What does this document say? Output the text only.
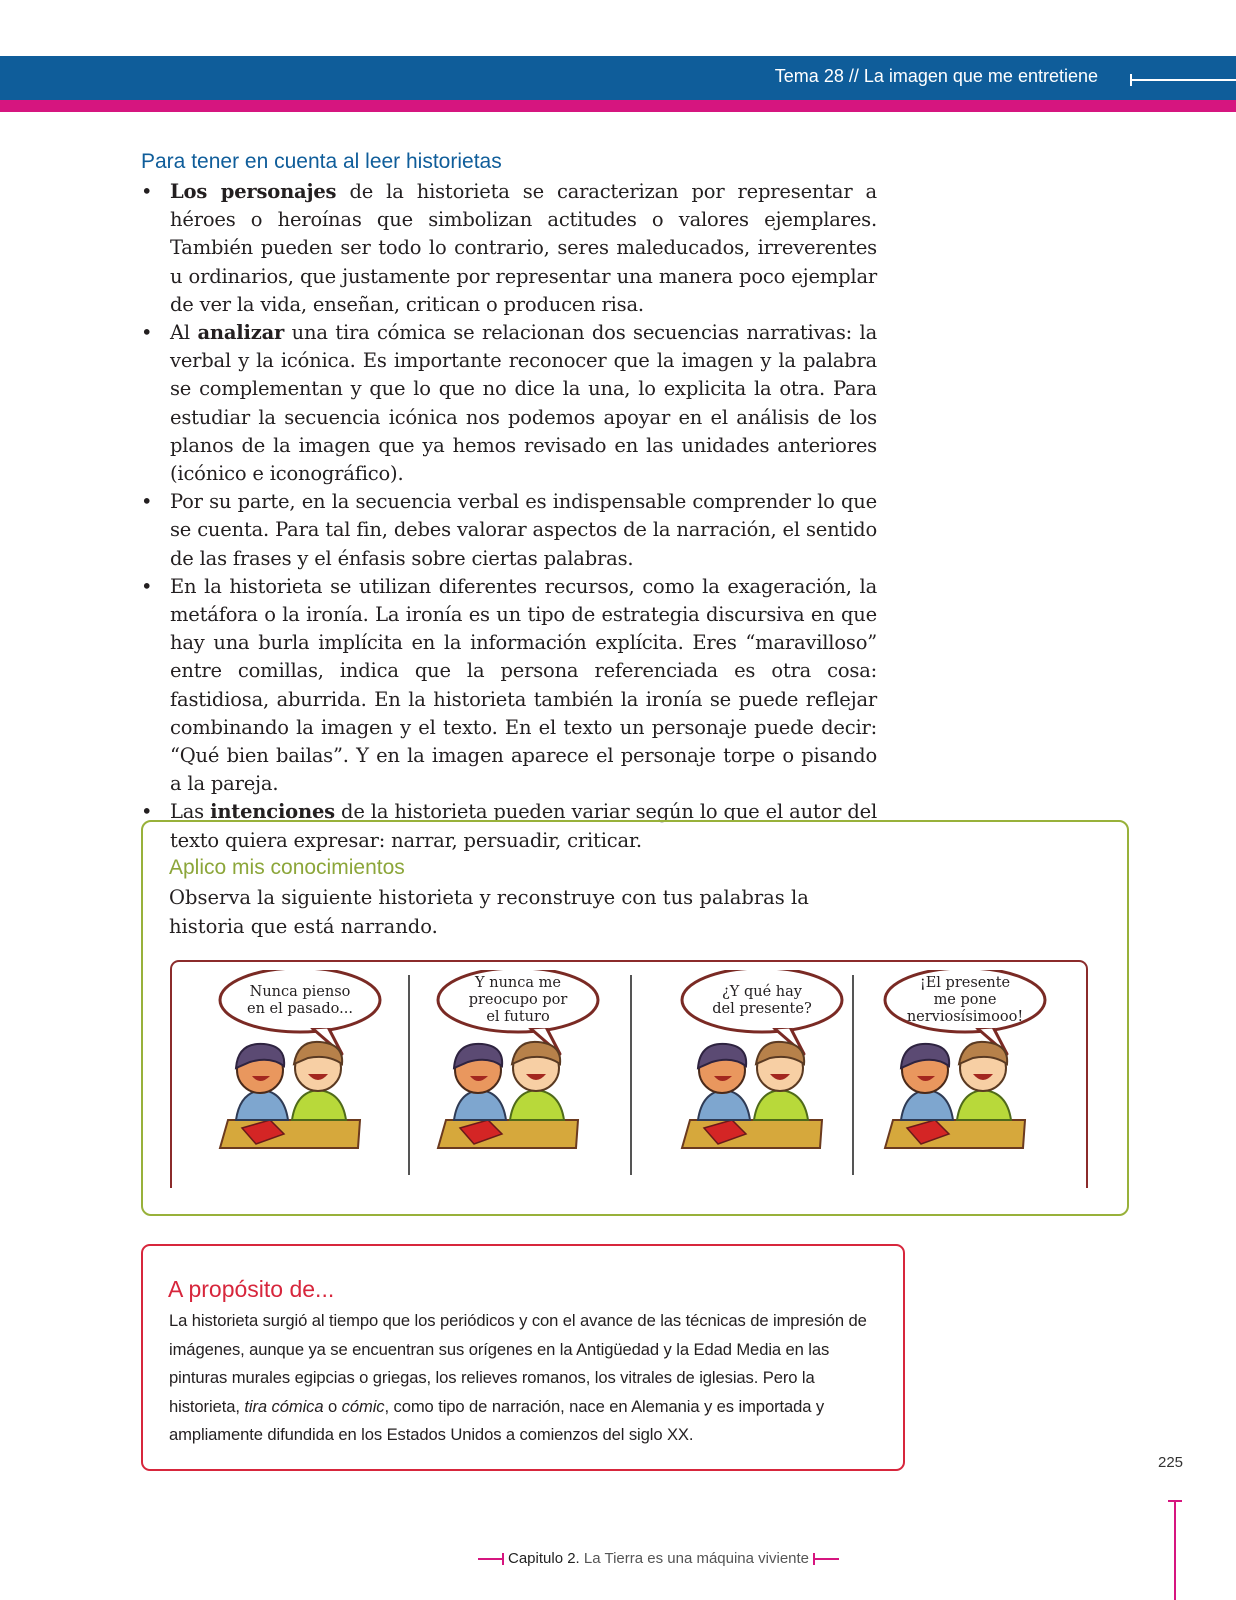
Tema 28 // La imagen que me entretiene
Para tener en cuenta al leer historietas
• Los personajes de la historieta se caracterizan por representar a héroes o heroínas que simbolizan actitudes o valores ejemplares. También pueden ser todo lo contrario, seres maleducados, irreverentes u ordinarios, que justamente por representar una manera poco ejemplar de ver la vida, enseñan, critican o producen risa.
• Al analizar una tira cómica se relacionan dos secuencias narrativas: la verbal y la icónica. Es importante reconocer que la imagen y la palabra se complementan y que lo que no dice la una, lo explicita la otra. Para estudiar la secuencia icónica nos podemos apoyar en el análisis de los planos de la imagen que ya hemos revisado en las unidades anteriores (icónico e iconográfico).
• Por su parte, en la secuencia verbal es indispensable comprender lo que se cuenta. Para tal fin, debes valorar aspectos de la narración, el sentido de las frases y el énfasis sobre ciertas palabras.
• En la historieta se utilizan diferentes recursos, como la exageración, la metáfora o la ironía. La ironía es un tipo de estrategia discursiva en que hay una burla implícita en la información explícita. Eres “maravilloso” entre comillas, indica que la persona referenciada es otra cosa: fastidiosa, aburrida. En la historieta también la ironía se puede reflejar combinando la imagen y el texto. En el texto un personaje puede decir: “Qué bien bailas”. Y en la imagen aparece el personaje torpe o pisando a la pareja.
• Las intenciones de la historieta pueden variar según lo que el autor del texto quiera expresar: narrar, persuadir, criticar.
Aplico mis conocimientos

Observa la siguiente historieta y reconstruye con tus palabras la historia que está narrando.

Nunca pienso
en el pasado...
Y nunca me
preocupo por
el futuro
¿Y qué hay
del presente?
¡El presente
me pone
nerviosísimooo!
A propósito de...

La historieta surgió al tiempo que los periódicos y con el avance de las técnicas de impresión de imágenes, aunque ya se encuentran sus orígenes en la Antigüedad y la Edad Media en las pinturas murales egipcias o griegas, los relieves romanos, los vitrales de iglesias. Pero la historieta, tira cómica o cómic, como tipo de narración, nace en Alemania y es importada y ampliamente difundida en los Estados Unidos a comienzos del siglo XX.

225
Capitulo 2. La Tierra es una máquina viviente
